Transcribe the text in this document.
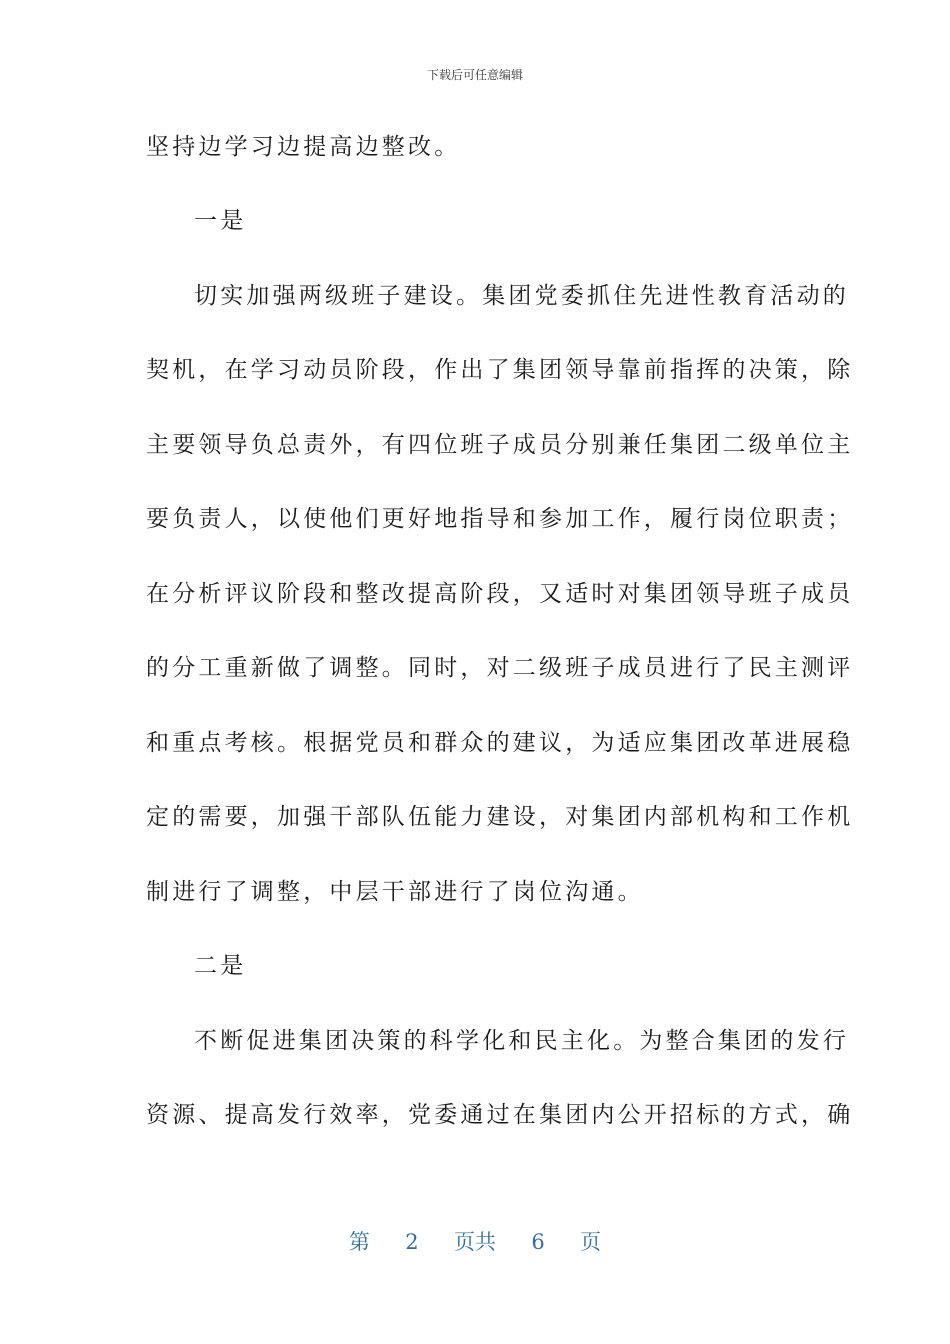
下载后可任意编辑
坚持边学习边提高边整改。
一是
切实加强两级班子建设。集团党委抓住先进性教育活动的
契机，在学习动员阶段，作出了集团领导靠前指挥的决策，除
主要领导负总责外，有四位班子成员分别兼任集团二级单位主
要负责人，以使他们更好地指导和参加工作，履行岗位职责；
在分析评议阶段和整改提高阶段，又适时对集团领导班子成员
的分工重新做了调整。同时，对二级班子成员进行了民主测评
和重点考核。根据党员和群众的建议，为适应集团改革进展稳
定的需要，加强干部队伍能力建设，对集团内部机构和工作机
制进行了调整，中层干部进行了岗位沟通。
二是
不断促进集团决策的科学化和民主化。为整合集团的发行
资源、提高发行效率，党委通过在集团内公开招标的方式，确
第 2 页共 6 页
